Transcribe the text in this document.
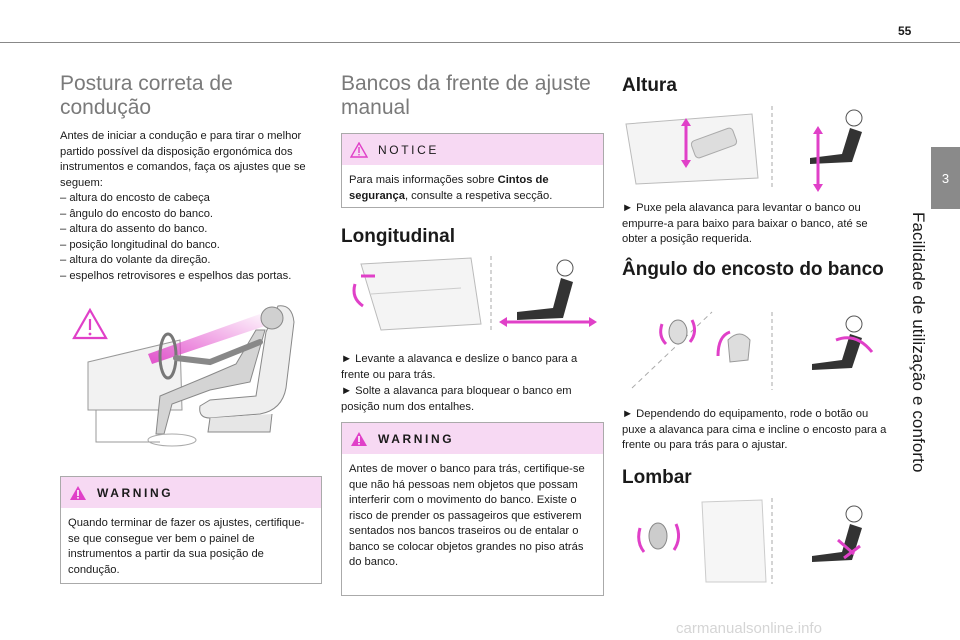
55
3
Facilidade de utilização e conforto
Postura correta de condução

Antes de iniciar a condução e para tirar o melhor partido possível da disposição ergonómica dos instrumentos e comandos, faça os ajustes que se seguem:

– altura do encosto de cabeça
– ângulo do encosto do banco.
– altura do assento do banco.
– posição longitudinal do banco.
– altura do volante da direção.
– espelhos retrovisores e espelhos das portas.
WARNING
Quando terminar de fazer os ajustes, certifique-se que consegue ver bem o painel de instrumentos a partir da sua posição de condução.
Bancos da frente de ajuste manual
NOTICE
Para mais informações sobre Cintos de segurança, consulte a respetiva secção.
Longitudinal

► Levante a alavanca e deslize o banco para a frente ou para trás.

► Solte a alavanca para bloquear o banco em posição num dos entalhes.

WARNING
Antes de mover o banco para trás, certifique-se que não há pessoas nem objetos que possam interferir com o movimento do banco. Existe o risco de prender os passageiros que estiverem sentados nos bancos traseiros ou de entalar o banco se colocar objetos grandes no piso atrás do banco.
Altura

► Puxe pela alavanca para levantar o banco ou empurre-a para baixo para baixar o banco, até se obter a posição requerida.

Ângulo do encosto do banco

► Dependendo do equipamento, rode o botão ou puxe a alavanca para cima e incline o encosto para a frente ou para trás para o ajustar.

Lombar
carmanualsonline.info
